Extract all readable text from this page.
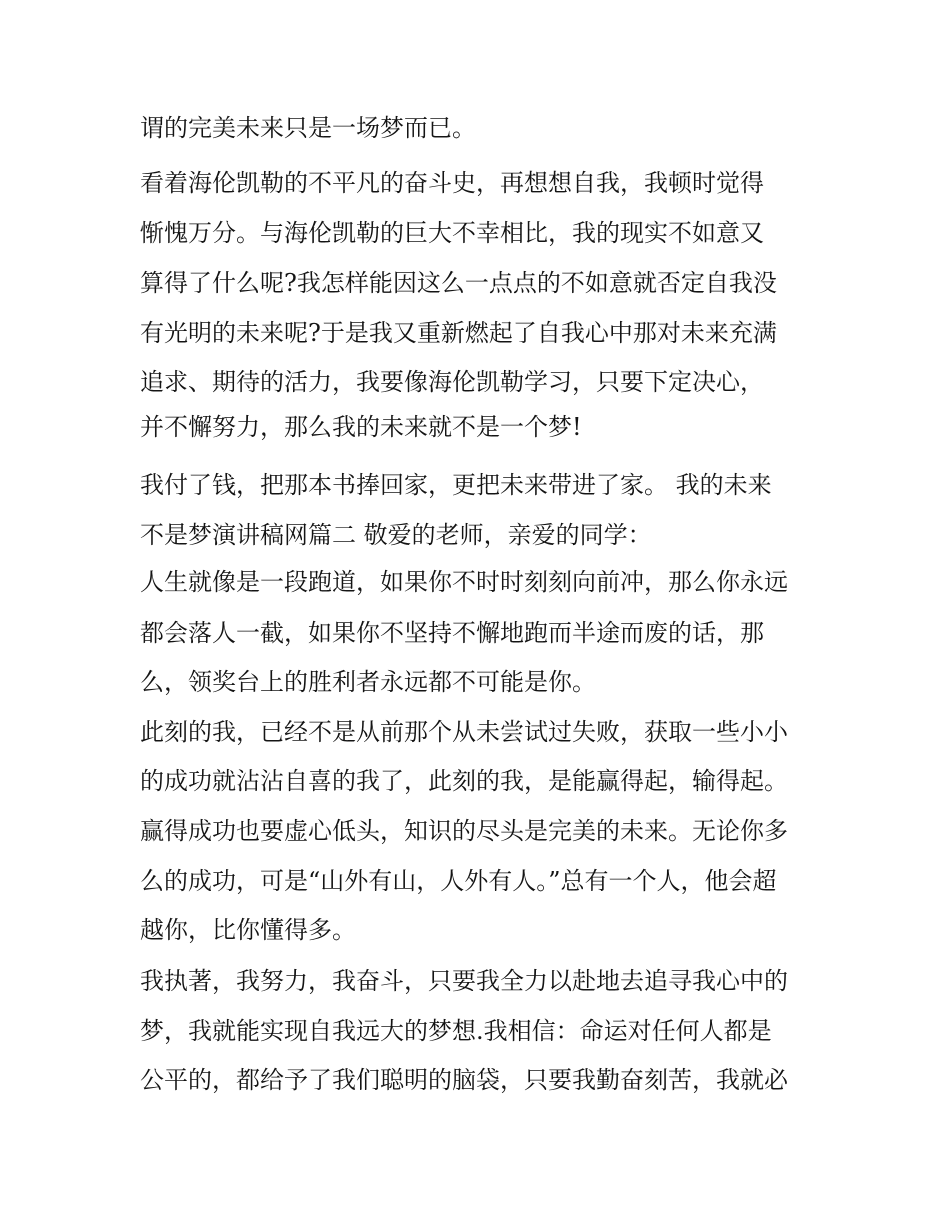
谓的完美未来只是一场梦而已。
看着海伦凯勒的不平凡的奋斗史，再想想自我，我顿时觉得
惭愧万分。与海伦凯勒的巨大不幸相比，我的现实不如意又
算得了什么呢?我怎样能因这么一点点的不如意就否定自我没
有光明的未来呢?于是我又重新燃起了自我心中那对未来充满
追求、期待的活力，我要像海伦凯勒学习，只要下定决心，
并不懈努力，那么我的未来就不是一个梦!
我付了钱，把那本书捧回家，更把未来带进了家。 我的未来
不是梦演讲稿网篇二 敬爱的老师，亲爱的同学：
人生就像是一段跑道，如果你不时时刻刻向前冲，那么你永远
都会落人一截，如果你不坚持不懈地跑而半途而废的话，那
么，领奖台上的胜利者永远都不可能是你。
此刻的我，已经不是从前那个从未尝试过失败，获取一些小小
的成功就沾沾自喜的我了，此刻的我，是能赢得起，输得起。
赢得成功也要虚心低头，知识的尽头是完美的未来。无论你多
么的成功，可是“山外有山，人外有人。”总有一个人，他会超
越你，比你懂得多。
我执著，我努力，我奋斗，只要我全力以赴地去追寻我心中的
梦，我就能实现自我远大的梦想.我相信：命运对任何人都是
公平的，都给予了我们聪明的脑袋，只要我勤奋刻苦，我就必
